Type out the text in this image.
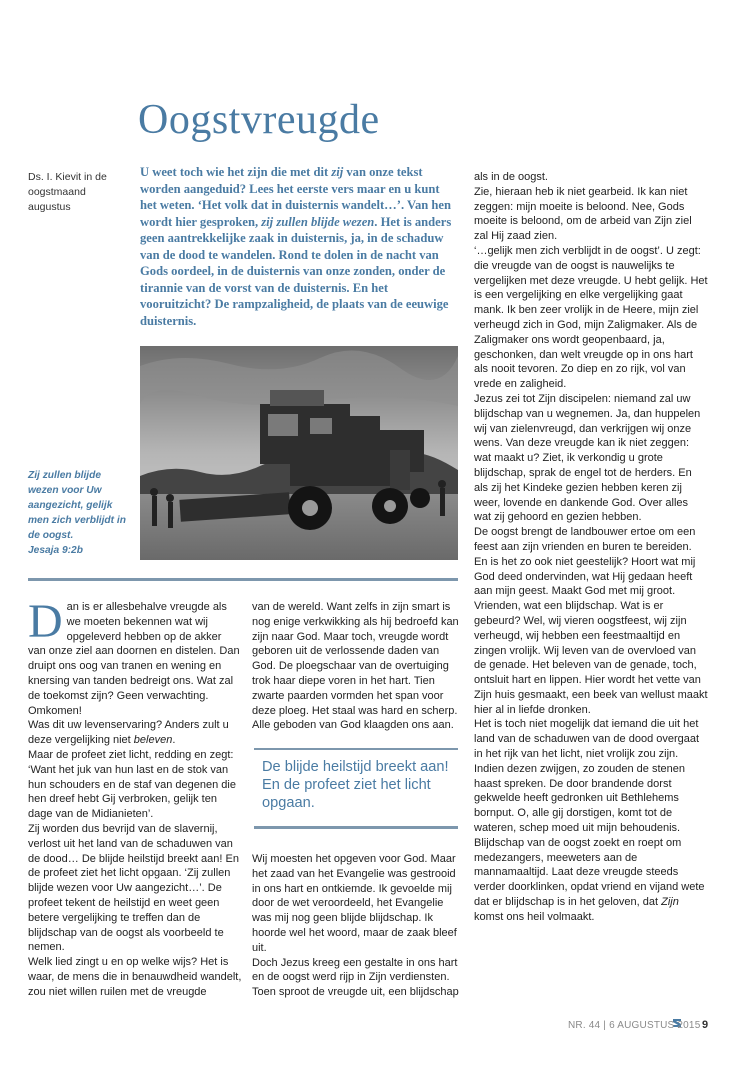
Oogstvreugde
Ds. I. Kievit in de oogstmaand augustus

U weet toch wie het zijn die met dit zij van onze tekst worden aangeduid? Lees het eerste vers maar en u kunt het weten. ‘Het volk dat in duisternis wandelt…’. Van hen wordt hier gesproken, zij zullen blijde wezen. Het is anders geen aantrekkelijke zaak in duisternis, ja, in de schaduw van de dood te wandelen. Rond te dolen in de nacht van Gods oordeel, in de duisternis van onze zonden, onder de tirannie van de vorst van de duisternis. En het vooruitzicht? De rampzaligheid, de plaats van de eeuwige duisternis.

Zij zullen blijde wezen voor Uw aangezicht, gelijk men zich verblijdt in de oogst.
Jesaja 9:2b

Dan is er allesbehalve vreugde als we moeten bekennen wat wij opgeleverd hebben op de akker van onze ziel aan doornen en distelen. Dan druipt ons oog van tranen en wening en knersing van tanden bedreigt ons. Wat zal de toekomst zijn? Geen verwachting. Omkomen!

Was dit uw levenservaring? Anders zult u deze vergelijking niet beleven.

Maar de profeet ziet licht, redding en zegt: ‘Want het juk van hun last en de stok van hun schouders en de staf van degenen die hen dreef hebt Gij verbroken, gelijk ten dage van de Midianieten’.

Zij worden dus bevrijd van de slavernij, verlost uit het land van de schaduwen van de dood… De blijde heilstijd breekt aan! En de profeet ziet het licht opgaan. ‘Zij zullen blijde wezen voor Uw aangezicht…’. De profeet tekent de heilstijd en weet geen betere vergelijking te treffen dan de blijdschap van de oogst als voorbeeld te nemen.

Welk lied zingt u en op welke wijs? Het is waar, de mens die in benauwdheid wandelt, zou niet willen ruilen met de vreugde

van de wereld. Want zelfs in zijn smart is nog enige verkwikking als hij bedroefd kan zijn naar God. Maar toch, vreugde wordt geboren uit de verlossende daden van God. De ploegschaar van de overtuiging trok haar diepe voren in het hart. Tien zwarte paarden vormden het span voor deze ploeg. Het staal was hard en scherp. Alle geboden van God klaagden ons aan.

De blijde heilstijd breekt aan! En de profeet ziet het licht opgaan.

Wij moesten het opgeven voor God. Maar het zaad van het Evangelie was gestrooid in ons hart en ontkiemde. Ik gevoelde mij door de wet veroordeeld, het Evangelie was mij nog geen blijde blijdschap. Ik hoorde wel het woord, maar de zaak bleef uit.

Doch Jezus kreeg een gestalte in ons hart en de oogst werd rijp in Zijn verdiensten. Toen sproot de vreugde uit, een blijdschap

als in de oogst.

Zie, hieraan heb ik niet gearbeid. Ik kan niet zeggen: mijn moeite is beloond. Nee, Gods moeite is beloond, om de arbeid van Zijn ziel zal Hij zaad zien.

‘…gelijk men zich verblijdt in de oogst’. U zegt: die vreugde van de oogst is nauwelijks te vergelijken met deze vreugde. U hebt gelijk. Het is een vergelijking en elke vergelijking gaat mank. Ik ben zeer vrolijk in de Heere, mijn ziel verheugd zich in God, mijn Zaligmaker. Als de Zaligmaker ons wordt geopenbaard, ja, geschonken, dan welt vreugde op in ons hart als nooit tevoren. Zo diep en zo rijk, vol van vrede en zaligheid.

Jezus zei tot Zijn discipelen: niemand zal uw blijdschap van u wegnemen. Ja, dan huppelen wij van zielenvreugd, dan verkrijgen wij onze wens. Van deze vreugde kan ik niet zeggen: wat maakt u? Ziet, ik verkondig u grote blijdschap, sprak de engel tot de herders. En als zij het Kindeke gezien hebben keren zij weer, lovende en dankende God. Over alles wat zij gehoord en gezien hebben.

De oogst brengt de landbouwer ertoe om een feest aan zijn vrienden en buren te bereiden. En is het zo ook niet geestelijk? Hoort wat mij God deed ondervinden, wat Hij gedaan heeft aan mijn geest. Maakt God met mij groot.

Vrienden, wat een blijdschap. Wat is er gebeurd? Wel, wij vieren oogstfeest, wij zijn verheugd, wij hebben een feestmaaltijd en zingen vrolijk. Wij leven van de overvloed van de genade. Het beleven van de genade, toch, ontsluit hart en lippen. Hier wordt het vette van Zijn huis gesmaakt, een beek van wellust maakt hier al in liefde dronken.

Het is toch niet mogelijk dat iemand die uit het land van de schaduwen van de dood overgaat in het rijk van het licht, niet vrolijk zou zijn. Indien dezen zwijgen, zo zouden de stenen haast spreken. De door brandende dorst gekwelde heeft gedronken uit Bethlehems bornput. O, alle gij dorstigen, komt tot de wateren, schep moed uit mijn behoudenis.

Blijdschap van de oogst zoekt en roept om medezangers, meeweters aan de mannamaaltijd. Laat deze vreugde steeds verder doorklinken, opdat vriend en vijand wete dat er blijdschap is in het geloven, dat Zijn komst ons heil volmaakt.

NR. 44 | 6 AUGUSTUS 2015 9
